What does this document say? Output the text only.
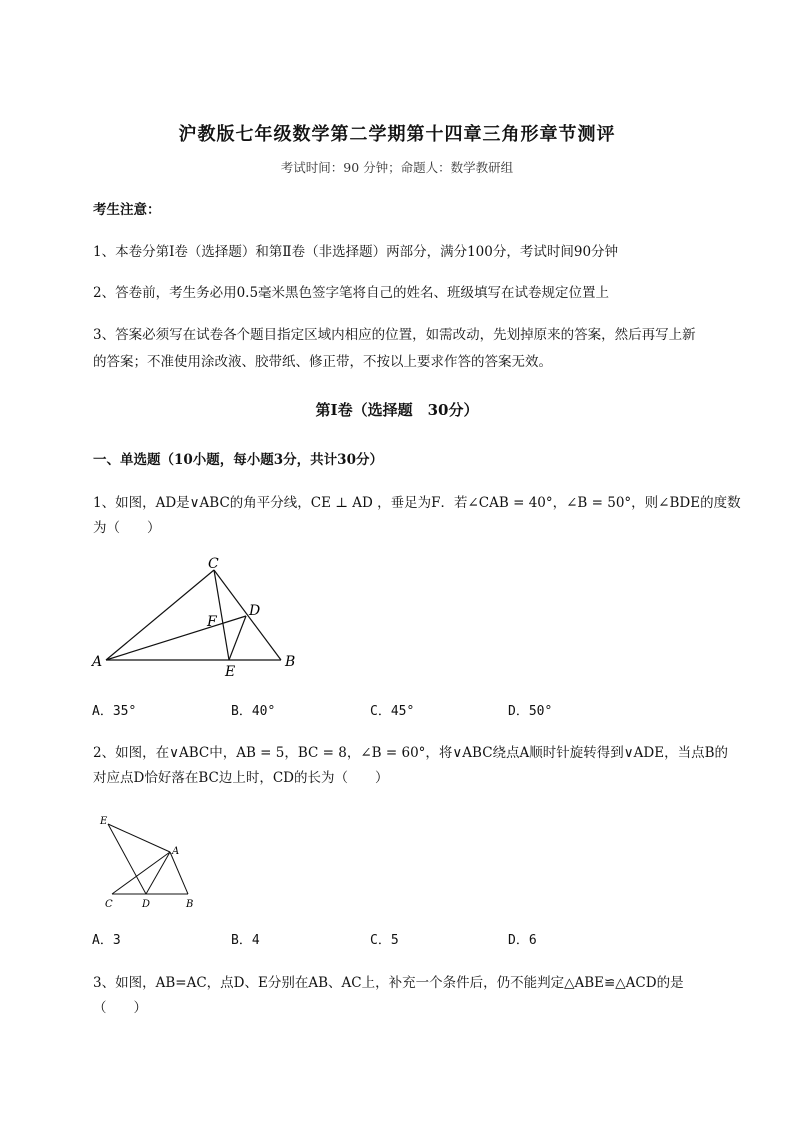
沪教版七年级数学第二学期第十四章三角形章节测评
考试时间：90 分钟；命题人：数学教研组
考生注意：
1、本卷分第Ⅰ卷（选择题）和第Ⅱ卷（非选择题）两部分，满分100分，考试时间90分钟
2、答卷前，考生务必用0.5毫米黑色签字笔将自己的姓名、班级填写在试卷规定位置上
3、答案必须写在试卷各个题目指定区域内相应的位置，如需改动，先划掉原来的答案，然后再写上新
的答案；不准使用涂改液、胶带纸、修正带，不按以上要求作答的答案无效。
第Ⅰ卷（选择题　30分）
一、单选题（10小题，每小题3分，共计30分）
1、如图，AD是∨ABC的角平分线，CE ⊥ AD ，垂足为F．若∠CAB = 40°，∠B = 50°，则∠BDE的度数
为（　　）
A	B
C
D
E
F
A．35°	B．40°	C．45°	D．50°
2、如图，在∨ABC中，AB = 5，BC = 8，∠B = 60°，将∨ABC绕点A顺时针旋转得到∨ADE，当点B的
对应点D恰好落在BC边上时，CD的长为（　　）
E
A
C	D	B
A．3	B．4	C．5	D．6
3、如图，AB=AC，点D、E分别在AB、AC上，补充一个条件后，仍不能判定△ABE≌△ACD的是
（　　）
